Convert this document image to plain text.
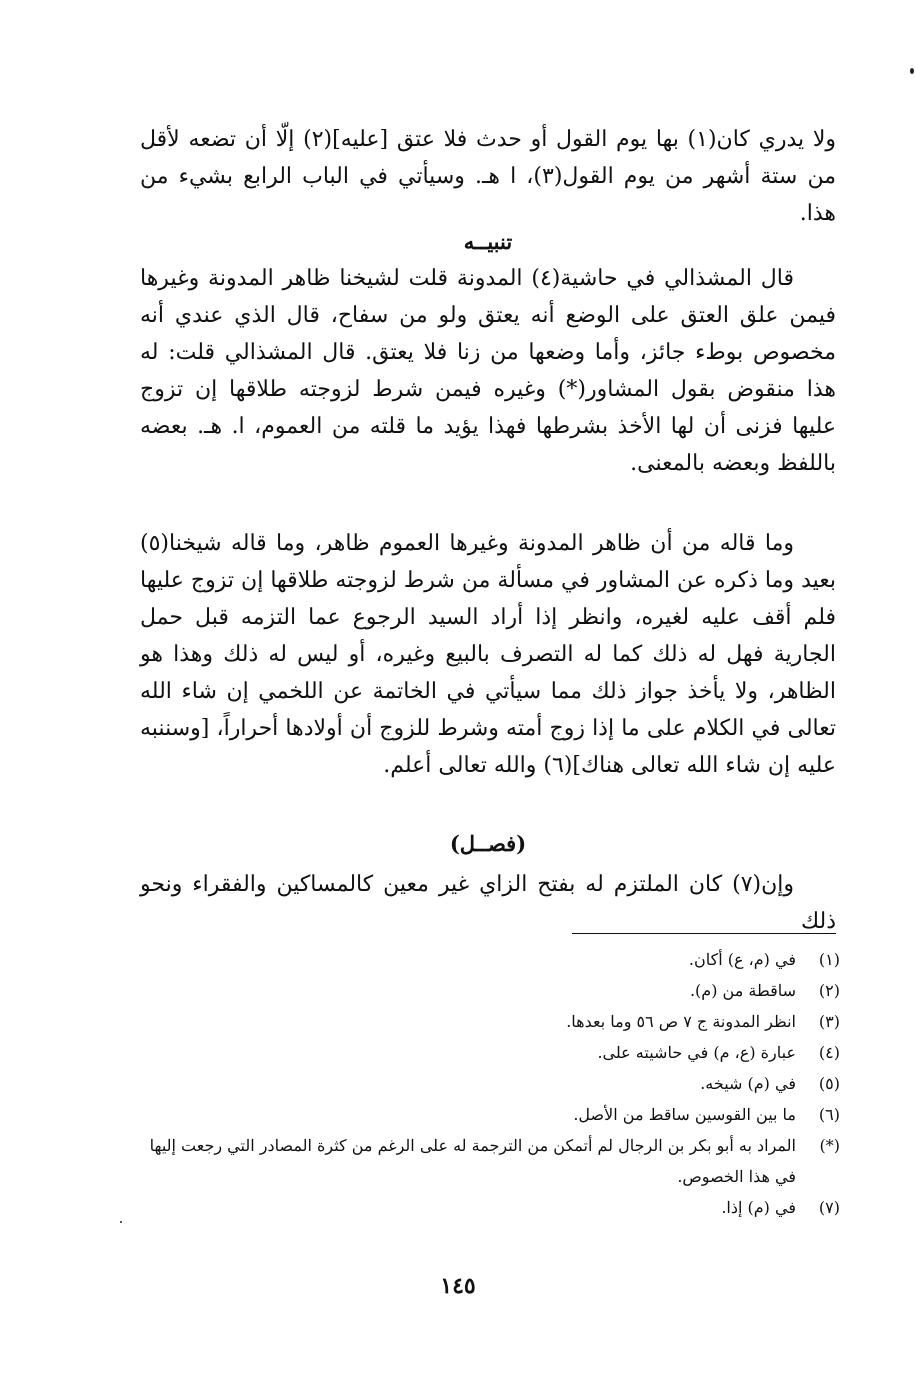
ولا يدري كان(١) بها يوم القول أو حدث فلا عتق [عليه](٢) إلّا أن تضعه لأقل من ستة أشهر من يوم القول(٣)، ا هـ. وسيأتي في الباب الرابع بشيء من هذا.
تنبيــه
قال المشذالي في حاشية(٤) المدونة قلت لشيخنا ظاهر المدونة وغيرها فيمن علق العتق على الوضع أنه يعتق ولو من سفاح، قال الذي عندي أنه مخصوص بوطء جائز، وأما وضعها من زنا فلا يعتق. قال المشذالي قلت: له هذا منقوض بقول المشاور(*) وغيره فيمن شرط لزوجته طلاقها إن تزوج عليها فزنى أن لها الأخذ بشرطها فهذا يؤيد ما قلته من العموم، ا. هـ. بعضه باللفظ وبعضه بالمعنى.
وما قاله من أن ظاهر المدونة وغيرها العموم ظاهر، وما قاله شيخنا(٥) بعيد وما ذكره عن المشاور في مسألة من شرط لزوجته طلاقها إن تزوج عليها فلم أقف عليه لغيره، وانظر إذا أراد السيد الرجوع عما التزمه قبل حمل الجارية فهل له ذلك كما له التصرف بالبيع وغيره، أو ليس له ذلك وهذا هو الظاهر، ولا يأخذ جواز ذلك مما سيأتي في الخاتمة عن اللخمي إن شاء الله تعالى في الكلام على ما إذا زوج أمته وشرط للزوج أن أولادها أحراراً، [وسننبه عليه إن شاء الله تعالى هناك](٦) والله تعالى أعلم.
(فصــل)
وإن(٧) كان الملتزم له بفتح الزاي غير معين كالمساكين والفقراء ونحو ذلك
(١)
في (م، ع) أكان.
(٢)
ساقطة من (م).
(٣)
انظر المدونة ج ٧ ص ٥٦ وما بعدها.
(٤)
عبارة (ع، م) في حاشيته على.
(٥)
في (م) شيخه.
(٦)
ما بين القوسين ساقط من الأصل.
(*)
المراد به أبو بكر بن الرجال لم أتمكن من الترجمة له على الرغم من كثرة المصادر التي رجعت إليها في هذا الخصوص.
(٧)
في (م) إذا.
١٤٥
